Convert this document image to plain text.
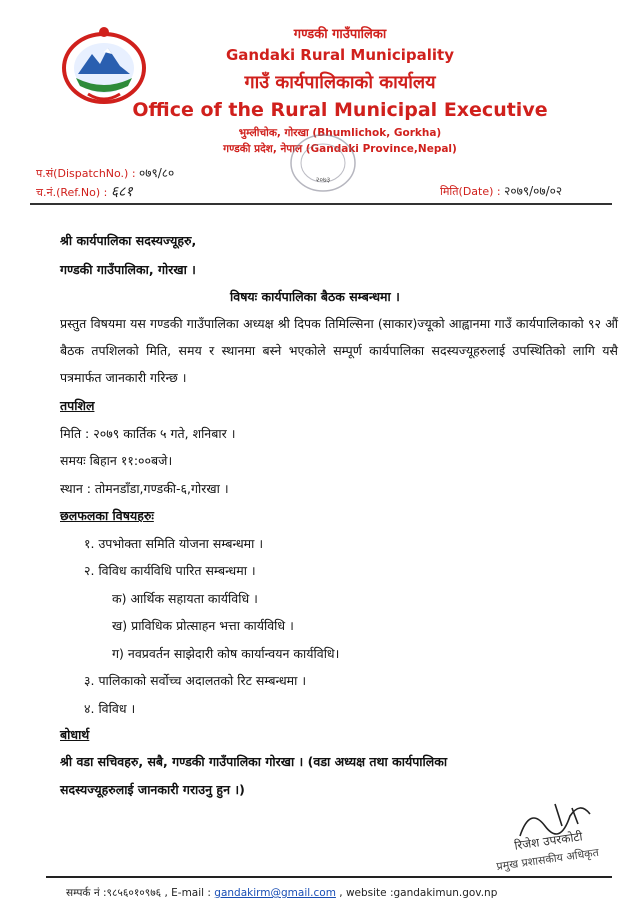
गण्डकी गाउँपालिका
Gandaki Rural Municipality
गाउँ कार्यपालिकाको कार्यालय
Office of the Rural Municipal Executive
भुम्लीचोक, गोरखा (Bhumlichok, Gorkha)
गण्डकी प्रदेश, नेपाल (Gandaki Province,Nepal)
२०७३
प.सं(DispatchNo.) : ०७९/८०
च.नं.(Ref.No) : ६८१	मिति(Date) : २०७९/०७/०२
श्री कार्यपालिका सदस्यज्यूहरु,
गण्डकी गाउँपालिका, गोरखा ।
विषयः कार्यपालिका बैठक सम्बन्धमा ।
प्रस्तुत विषयमा यस गण्डकी गाउँपालिका अध्यक्ष श्री दिपक तिमिल्सिना (साकार)ज्यूको आह्वानमा गाउँ कार्यपालिकाको ९२ औं बैठक तपशिलको मिति, समय र स्थानमा बस्ने भएकोले सम्पूर्ण कार्यपालिका सदस्यज्यूहरुलाई उपस्थितिको लागि यसै पत्रमार्फत जानकारी गरिन्छ ।
तपशिल
मिति : २०७९ कार्तिक ५ गते, शनिबार ।
समयः बिहान ११:००बजे।
स्थान : तोमनडाँडा,गण्डकी-६,गोरखा ।
छलफलका विषयहरुः
१. उपभोक्ता समिति योजना सम्बन्धमा ।
२. विविध कार्यविधि पारित सम्बन्धमा ।
क) आर्थिक सहायता कार्यविधि ।
ख) प्राविधिक प्रोत्साहन भत्ता कार्यविधि ।
ग) नवप्रवर्तन साझेदारी कोष कार्यान्वयन कार्यविधि।
३. पालिकाको सर्वोच्च अदालतको रिट सम्बन्धमा ।
४. विविध ।
बोधार्थ
श्री वडा सचिवहरु, सबै, गण्डकी गाउँपालिका गोरखा । (वडा अध्यक्ष तथा कार्यपालिका
सदस्यज्यूहरुलाई जानकारी गराउनु हुन ।)
रिजेश उपरकोटी
प्रमुख प्रशासकीय अधिकृत
सम्पर्क नं :९८५६०१०९७६ , E-mail : gandakirm@gmail.com , website :gandakimun.gov.np
